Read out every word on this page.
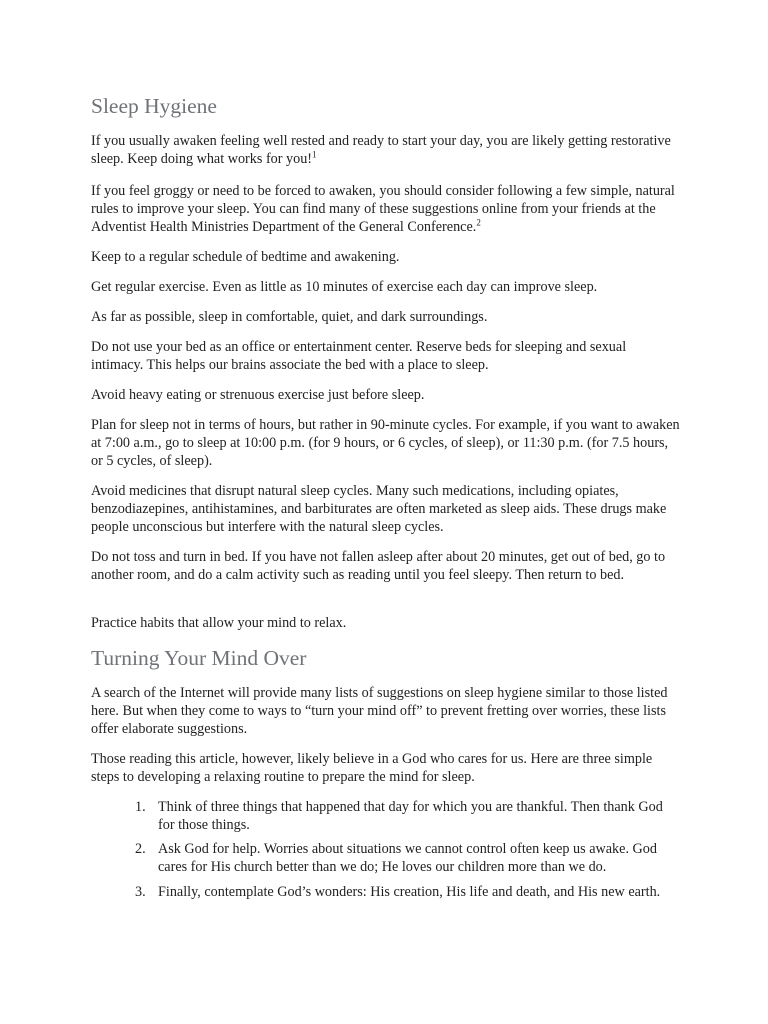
Sleep Hygiene

If you usually awaken feeling well rested and ready to start your day, you are likely getting restorative sleep. Keep doing what works for you!$^1$

If you feel groggy or need to be forced to awaken, you should consider following a few simple, natural rules to improve your sleep. You can find many of these suggestions online from your friends at the Adventist Health Ministries Department of the General Conference.$^2$

Keep to a regular schedule of bedtime and awakening.

Get regular exercise. Even as little as 10 minutes of exercise each day can improve sleep.

As far as possible, sleep in comfortable, quiet, and dark surroundings.

Do not use your bed as an office or entertainment center. Reserve beds for sleeping and sexual intimacy. This helps our brains associate the bed with a place to sleep.

Avoid heavy eating or strenuous exercise just before sleep.

Plan for sleep not in terms of hours, but rather in 90-minute cycles. For example, if you want to awaken at 7:00 a.m., go to sleep at 10:00 p.m. (for 9 hours, or 6 cycles, of sleep), or 11:30 p.m. (for 7.5 hours, or 5 cycles, of sleep).

Avoid medicines that disrupt natural sleep cycles. Many such medications, including opiates, benzodiazepines, antihistamines, and barbiturates are often marketed as sleep aids. These drugs make people unconscious but interfere with the natural sleep cycles.

Do not toss and turn in bed. If you have not fallen asleep after about 20 minutes, get out of bed, go to another room, and do a calm activity such as reading until you feel sleepy. Then return to bed.

Practice habits that allow your mind to relax.

Turning Your Mind Over

A search of the Internet will provide many lists of suggestions on sleep hygiene similar to those listed here. But when they come to ways to “turn your mind off” to prevent fretting over worries, these lists offer elaborate suggestions.

Those reading this article, however, likely believe in a God who cares for us. Here are three simple steps to developing a relaxing routine to prepare the mind for sleep.

1. Think of three things that happened that day for which you are thankful. Then thank God for those things.
2. Ask God for help. Worries about situations we cannot control often keep us awake. God cares for His church better than we do; He loves our children more than we do.
3. Finally, contemplate God’s wonders: His creation, His life and death, and His new earth.
